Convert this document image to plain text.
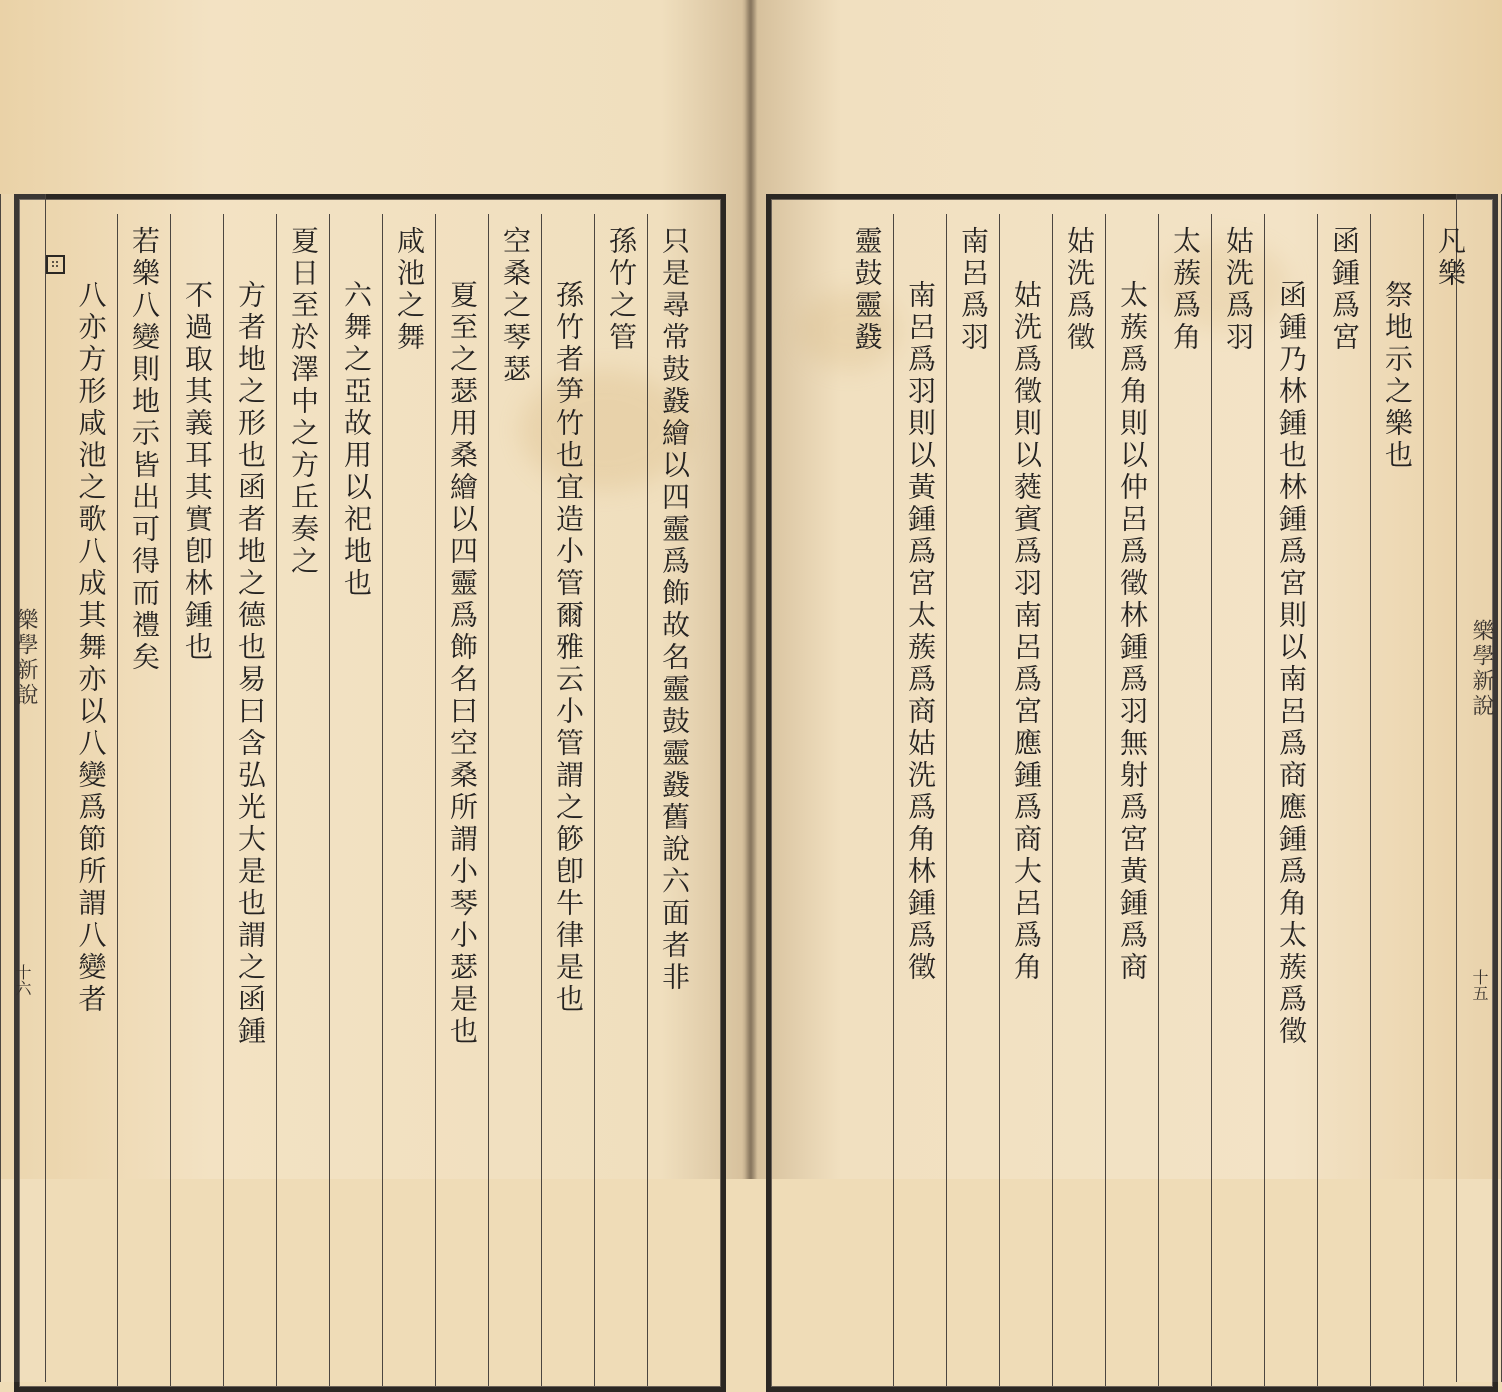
樂學新說
十六	只是尋常鼓鼗繪以四靈爲飾故名靈鼓靈鼗舊說六面者非
孫竹之管
孫竹者笋竹也宜造小管爾雅云小管謂之篎卽牛律是也
空桑之琴瑟
夏至之瑟用桑繪以四靈爲飾名曰空桑所謂小琴小瑟是也
咸池之舞
六舞之亞故用以祀地也
夏日至於澤中之方丘奏之
方者地之形也函者地之德也易曰含弘光大是也謂之函鍾
不過取其義耳其實卽林鍾也
若樂八變則地示皆出可得而禮矣
八亦方形咸池之歌八成其舞亦以八變爲節所謂八變者	樂學新說
十五
凡樂
祭地示之樂也
函鍾爲宮
函鍾乃林鍾也林鍾爲宮則以南呂爲商應鍾爲角太蔟爲徵
姑洗爲羽
太蔟爲角
太蔟爲角則以仲呂爲徵林鍾爲羽無射爲宮黃鍾爲商
姑洗爲徵
姑洗爲徵則以蕤賓爲羽南呂爲宮應鍾爲商大呂爲角
南呂爲羽
南呂爲羽則以黃鍾爲宮太蔟爲商姑洗爲角林鍾爲徵
靈鼓靈鼗
